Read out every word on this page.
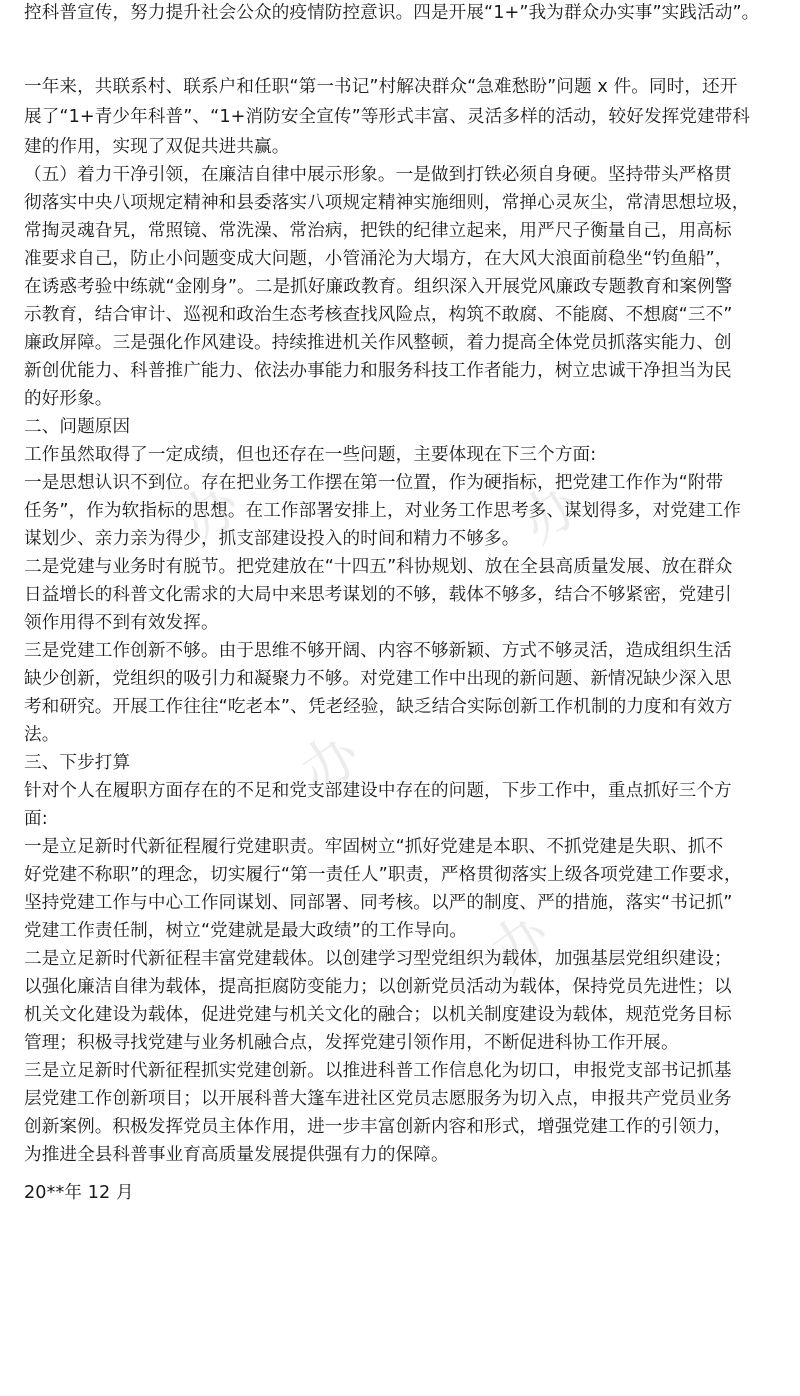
办	办
办
办
控科普宣传，努力提升社会公众的疫情防控意识。四是开展“1+”我为群众办实事”实践活动”。
一年来，共联系村、联系户和任职“第一书记”村解决群众“急难愁盼”问题 x 件。同时，还开
展了“1+青少年科普”、“1+消防安全宣传”等形式丰富、灵活多样的活动，较好发挥党建带科
建的作用，实现了双促共进共赢。
（五）着力干净引领，在廉洁自律中展示形象。一是做到打铁必须自身硬。坚持带头严格贯
彻落实中央八项规定精神和县委落实八项规定精神实施细则，常掸心灵灰尘，常清思想垃圾，
常掏灵魂旮旯，常照镜、常洗澡、常治病，把铁的纪律立起来，用严尺子衡量自己，用高标
准要求自己，防止小问题变成大问题，小管涌沦为大塌方，在大风大浪面前稳坐“钓鱼船”，
在诱惑考验中练就“金刚身”。二是抓好廉政教育。组织深入开展党风廉政专题教育和案例警
示教育，结合审计、巡视和政治生态考核查找风险点，构筑不敢腐、不能腐、不想腐“三不”
廉政屏障。三是强化作风建设。持续推进机关作风整顿，着力提高全体党员抓落实能力、创
新创优能力、科普推广能力、依法办事能力和服务科技工作者能力，树立忠诚干净担当为民
的好形象。
二、问题原因
工作虽然取得了一定成绩，但也还存在一些问题，主要体现在下三个方面:
一是思想认识不到位。存在把业务工作摆在第一位置，作为硬指标，把党建工作作为“附带
任务”，作为软指标的思想。在工作部署安排上，对业务工作思考多、谋划得多，对党建工作
谋划少、亲力亲为得少，抓支部建设投入的时间和精力不够多。
二是党建与业务时有脱节。把党建放在“十四五”科协规划、放在全县高质量发展、放在群众
日益增长的科普文化需求的大局中来思考谋划的不够，载体不够多，结合不够紧密，党建引
领作用得不到有效发挥。
三是党建工作创新不够。由于思维不够开阔、内容不够新颖、方式不够灵活，造成组织生活
缺少创新，党组织的吸引力和凝聚力不够。对党建工作中出现的新问题、新情况缺少深入思
考和研究。开展工作往往“吃老本”、凭老经验，缺乏结合实际创新工作机制的力度和有效方
法。
三、下步打算
针对个人在履职方面存在的不足和党支部建设中存在的问题，下步工作中，重点抓好三个方
面:
一是立足新时代新征程履行党建职责。牢固树立“抓好党建是本职、不抓党建是失职、抓不
好党建不称职”的理念，切实履行“第一责任人”职责，严格贯彻落实上级各项党建工作要求，
坚持党建工作与中心工作同谋划、同部署、同考核。以严的制度、严的措施，落实“书记抓”
党建工作责任制，树立“党建就是最大政绩”的工作导向。
二是立足新时代新征程丰富党建载体。以创建学习型党组织为载体，加强基层党组织建设；
以强化廉洁自律为载体，提高拒腐防变能力；以创新党员活动为载体，保持党员先进性；以
机关文化建设为载体，促进党建与机关文化的融合；以机关制度建设为载体，规范党务目标
管理；积极寻找党建与业务机融合点，发挥党建引领作用，不断促进科协工作开展。
三是立足新时代新征程抓实党建创新。以推进科普工作信息化为切口，申报党支部书记抓基
层党建工作创新项目；以开展科普大篷车进社区党员志愿服务为切入点，申报共产党员业务
创新案例。积极发挥党员主体作用，进一步丰富创新内容和形式，增强党建工作的引领力，
为推进全县科普事业育高质量发展提供强有力的保障。
20**年 12 月
